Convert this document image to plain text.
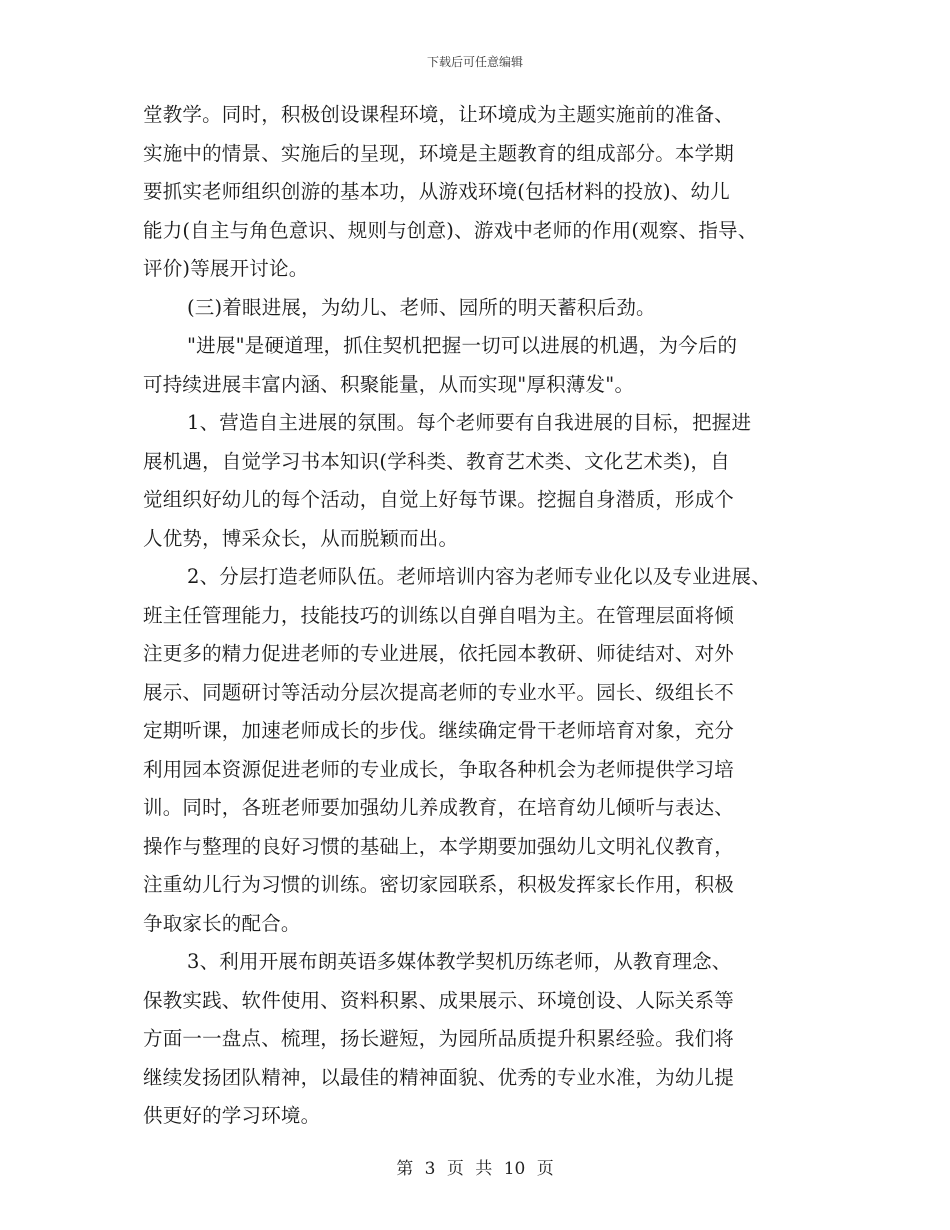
下载后可任意编辑
堂教学。同时，积极创设课程环境，让环境成为主题实施前的准备、
实施中的情景、实施后的呈现，环境是主题教育的组成部分。本学期
要抓实老师组织创游的基本功，从游戏环境(包括材料的投放)、幼儿
能力(自主与角色意识、规则与创意)、游戏中老师的作用(观察、指导、
评价)等展开讨论。
(三)着眼进展，为幼儿、老师、园所的明天蓄积后劲。
"进展"是硬道理，抓住契机把握一切可以进展的机遇，为今后的
可持续进展丰富内涵、积聚能量，从而实现"厚积薄发"。
1、营造自主进展的氛围。每个老师要有自我进展的目标，把握进
展机遇，自觉学习书本知识(学科类、教育艺术类、文化艺术类)，自
觉组织好幼儿的每个活动，自觉上好每节课。挖掘自身潜质，形成个
人优势，博采众长，从而脱颖而出。
2、分层打造老师队伍。老师培训内容为老师专业化以及专业进展、
班主任管理能力，技能技巧的训练以自弹自唱为主。在管理层面将倾
注更多的精力促进老师的专业进展，依托园本教研、师徒结对、对外
展示、同题研讨等活动分层次提高老师的专业水平。园长、级组长不
定期听课，加速老师成长的步伐。继续确定骨干老师培育对象，充分
利用园本资源促进老师的专业成长，争取各种机会为老师提供学习培
训。同时，各班老师要加强幼儿养成教育，在培育幼儿倾听与表达、
操作与整理的良好习惯的基础上，本学期要加强幼儿文明礼仪教育，
注重幼儿行为习惯的训练。密切家园联系，积极发挥家长作用，积极
争取家长的配合。
3、利用开展布朗英语多媒体教学契机历练老师，从教育理念、
保教实践、软件使用、资料积累、成果展示、环境创设、人际关系等
方面一一盘点、梳理，扬长避短，为园所品质提升积累经验。我们将
继续发扬团队精神，以最佳的精神面貌、优秀的专业水准，为幼儿提
供更好的学习环境。
第 3 页 共 10 页
